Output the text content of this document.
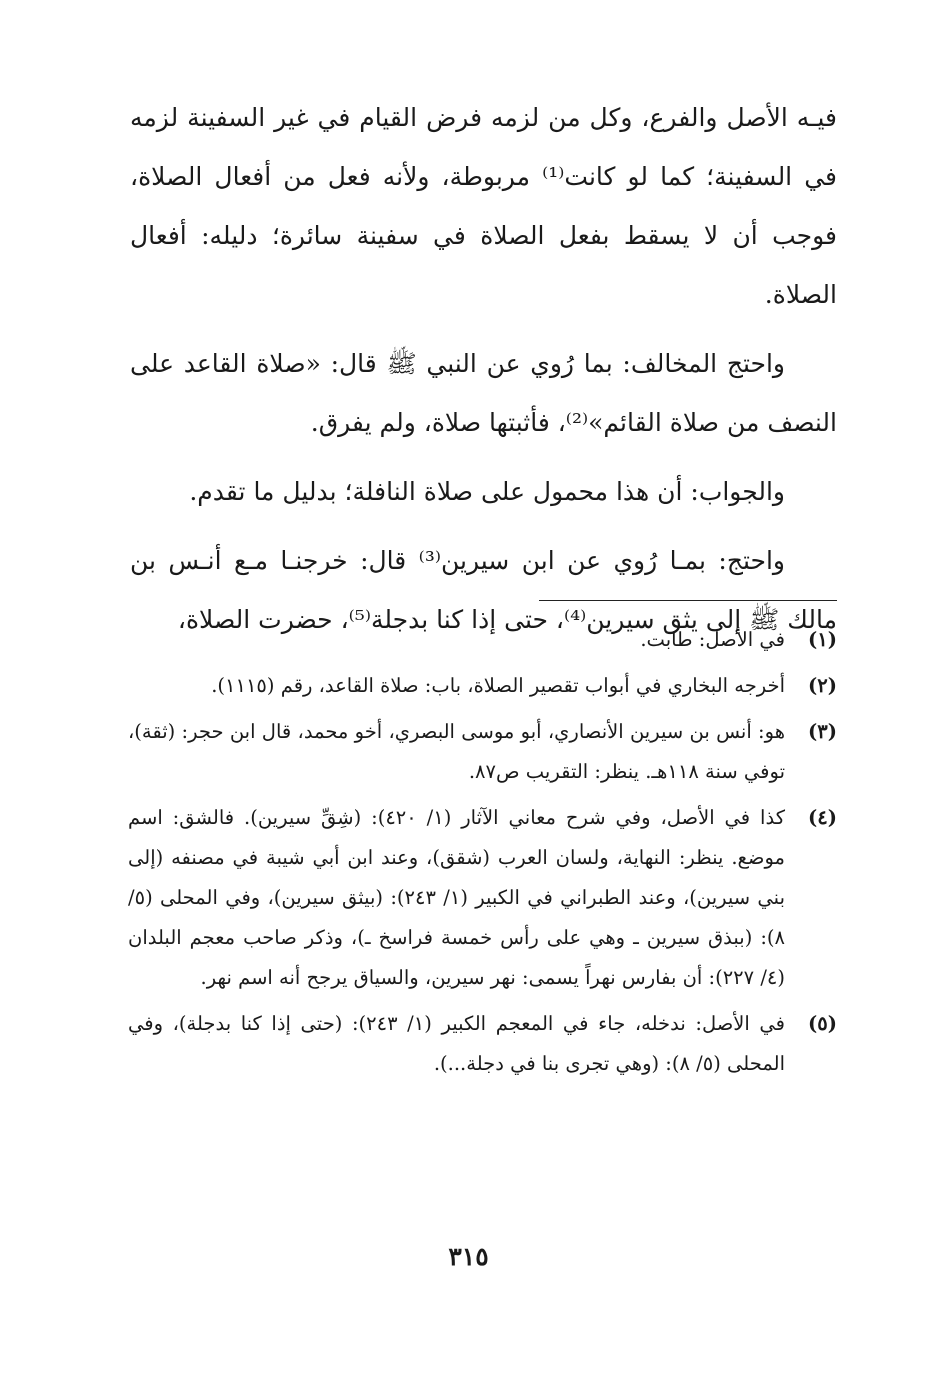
فيـه الأصل والفرع، وكل من لزمه فرض القيام في غير السفينة لزمه في السفينة؛ كما لو كانت⁽¹⁾ مربوطة، ولأنه فعل من أفعال الصلاة، فوجب أن لا يسقط بفعل الصلاة في سفينة سائرة؛ دليله: أفعال الصلاة.

واحتج المخالف: بما رُوي عن النبي ﷺ قال: «صلاة القاعد على النصف من صلاة القائم»⁽²⁾، فأثبتها صلاة، ولم يفرق.

والجواب: أن هذا محمول على صلاة النافلة؛ بدليل ما تقدم.

واحتج: بمـا رُوي عن ابن سيرين⁽³⁾ قال: خرجنـا مـع أنـس بن مالك ﷺ إلى يثق سيرين⁽⁴⁾، حتى إذا كنا بدجلة⁽⁵⁾، حضرت الصلاة،

(١)
في الأصل: طابت.
(٢)
أخرجه البخاري في أبواب تقصير الصلاة، باب: صلاة القاعد، رقم (١١١٥).
(٣)
هو: أنس بن سيرين الأنصاري، أبو موسى البصري، أخو محمد، قال ابن حجر: (ثقة)، توفي سنة ١١٨هـ. ينظر: التقريب ص٨٧.
(٤)
كذا في الأصل، وفي شرح معاني الآثار (١/ ٤٢٠): (شِقِّ سيرين). فالشق: اسم موضع. ينظر: النهاية، ولسان العرب (شقق)، وعند ابن أبي شيبة في مصنفه (إلى بني سيرين)، وعند الطبراني في الكبير (١/ ٢٤٣): (بيثق سيرين)، وفي المحلى (٥/ ٨): (ببذق سيرين ـ وهي على رأس خمسة فراسخ ـ)، وذكر صاحب معجم البلدان (٤/ ٢٢٧): أن بفارس نهراً يسمى: نهر سيرين، والسياق يرجح أنه اسم نهر.
(٥)
في الأصل: ندخله، جاء في المعجم الكبير (١/ ٢٤٣): (حتى إذا كنا بدجلة)، وفي المحلى (٥/ ٨): (وهي تجرى بنا في دجلة...).
٣١٥
